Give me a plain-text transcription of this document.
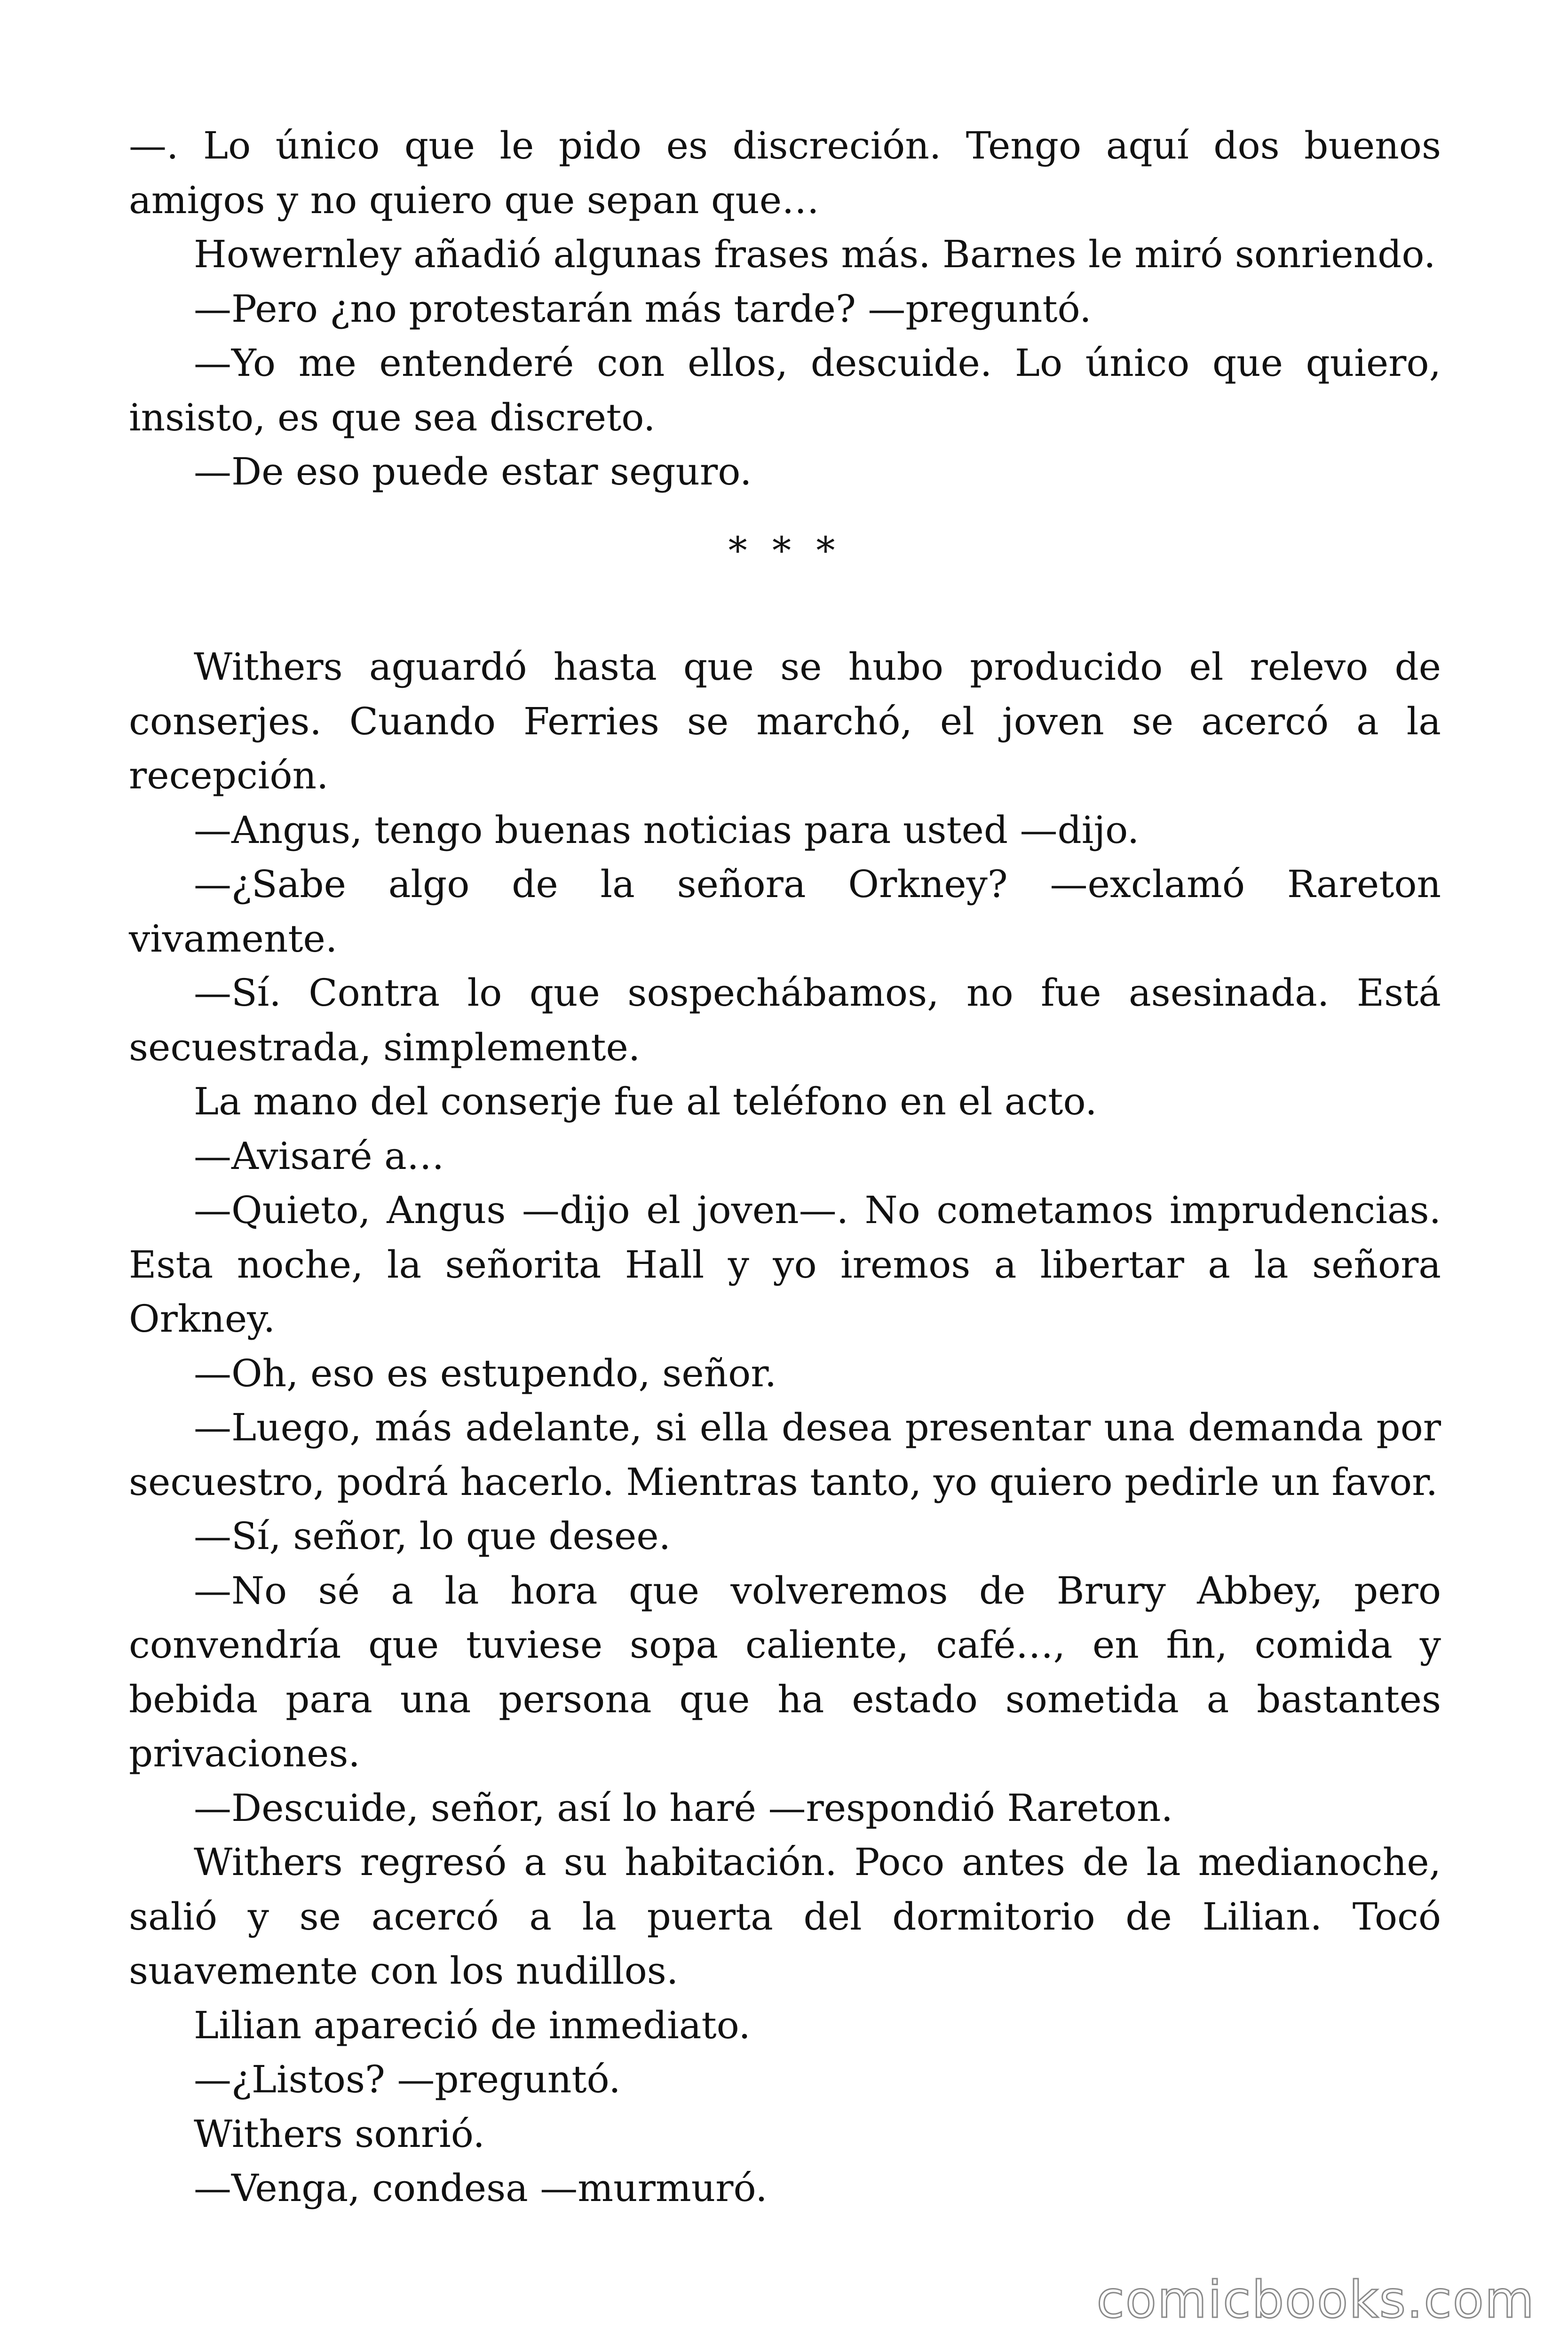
—. Lo único que le pido es discreción. Tengo aquí dos buenos amigos y no quiero que sepan que…

Howernley añadió algunas frases más. Barnes le miró sonriendo.

—Pero ¿no protestarán más tarde? —preguntó.

—Yo me entenderé con ellos, descuide. Lo único que quiero, insisto, es que sea discreto.

—De eso puede estar seguro.

* * *

Withers aguardó hasta que se hubo producido el relevo de conserjes. Cuando Ferries se marchó, el joven se acercó a la recepción.

—Angus, tengo buenas noticias para usted —dijo.

—¿Sabe algo de la señora Orkney? —exclamó Rareton vivamente.

—Sí. Contra lo que sospechábamos, no fue asesinada. Está secuestrada, simplemente.

La mano del conserje fue al teléfono en el acto.

—Avisaré a…

—Quieto, Angus —dijo el joven—. No cometamos imprudencias. Esta noche, la señorita Hall y yo iremos a libertar a la señora Orkney.

—Oh, eso es estupendo, señor.

—Luego, más adelante, si ella desea presentar una demanda por secuestro, podrá hacerlo. Mientras tanto, yo quiero pedirle un favor.

—Sí, señor, lo que desee.

—No sé a la hora que volveremos de Brury Abbey, pero convendría que tuviese sopa caliente, café…, en fin, comida y bebida para una persona que ha estado sometida a bastantes privaciones.

—Descuide, señor, así lo haré —respondió Rareton.

Withers regresó a su habitación. Poco antes de la medianoche, salió y se acercó a la puerta del dormitorio de Lilian. Tocó suavemente con los nudillos.

Lilian apareció de inmediato.

—¿Listos? —preguntó.

Withers sonrió.

—Venga, condesa —murmuró.

comicbooks.com
